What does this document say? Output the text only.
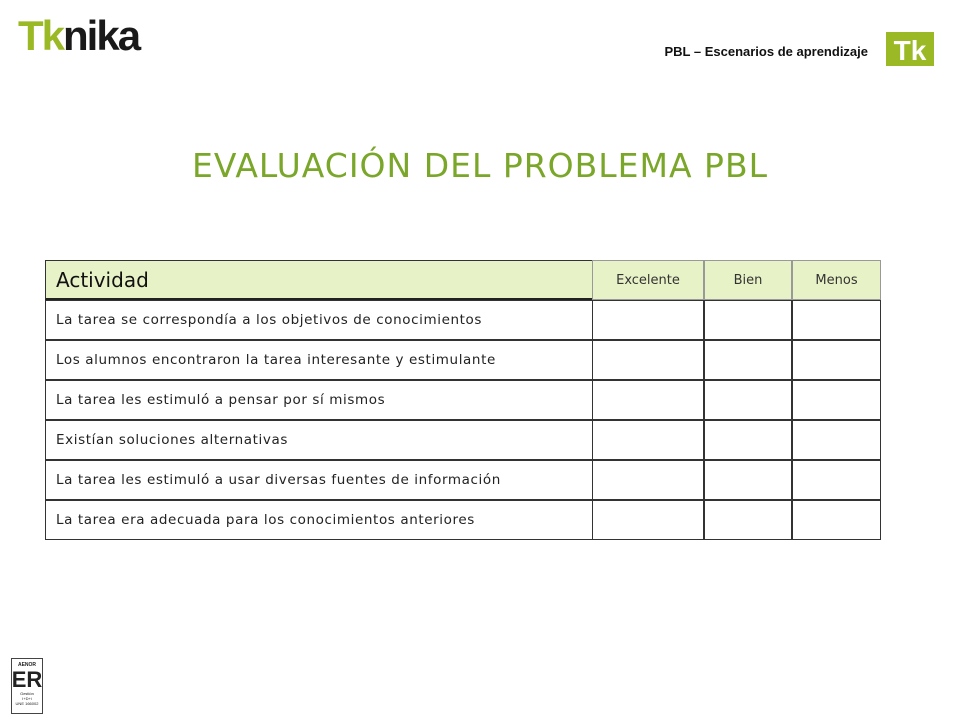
Tk nika	PBL – Escenarios de aprendizaje Tk
EVALUACIÓN DEL PROBLEMA PBL
Actividad	Excelente	Bien	Menos
La tarea se correspondía a los objetivos de conocimientos
Los alumnos encontraron la tarea interesante y estimulante
La tarea les estimuló a pensar por sí mismos
Existían soluciones alternativas
La tarea les estimuló a usar diversas fuentes de información
La tarea era adecuada para los conocimientos anteriores
AENOR
ER
Gestión
I+D+i
UNE 166002
